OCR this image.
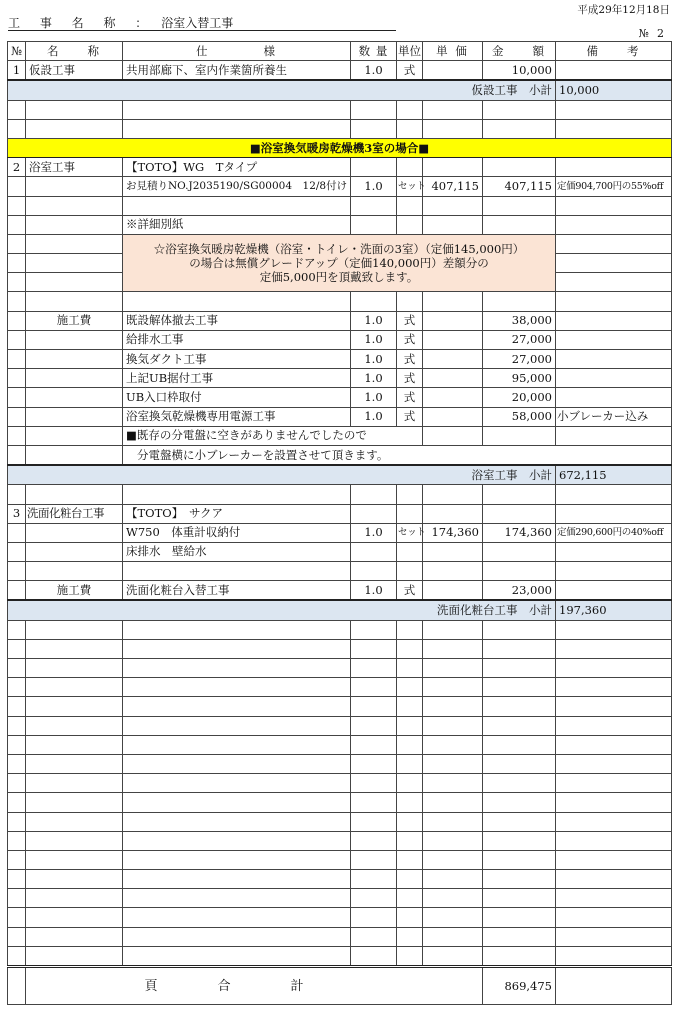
平成29年12月18日
№ 2
工 事 名 称 ： 浴室入替工事
№	名　　称	仕　　　　様	数 量	単位	単 価	金　　額	備　　考
1	仮設工事	共用部廊下、室内作業箇所養生	1.0	式		10,000	
仮設工事　小計							10,000

■浴室換気暖房乾燥機3室の場合■							
2	浴室工事	【TOTO】WG　Tタイプ					
		お見積りNO.J2035190/SG00004　12/8付け	1.0	セット	407,115	407,115	定価904,700円の55%off

		※詳細別紙					

		☆浴室換気暖房乾燥機（浴室・トイレ・洗面の3室）（定価145,000円）
の場合は無償グレードアップ（定価140,000円）差額分の
定価5,000円を頂戴致します。					

	施工費	既設解体撤去工事	1.0	式		38,000	
		給排水工事	1.0	式		27,000	
		換気ダクト工事	1.0	式		27,000	
		上記UB据付工事	1.0	式		95,000	
		UB入口枠取付	1.0	式		20,000	
		浴室換気乾燥機専用電源工事	1.0	式		58,000	小ブレーカー込み
		■既存の分電盤に空きがありませんでしたので					
		分電盤横に小ブレーカーを設置させて頂きます。					
浴室工事　小計							672,115

3	洗面化粧台工事	【TOTO】　サクア					
		W750　体重計収納付	1.0	セット	174,360	174,360	定価290,600円の40%off
		床排水　壁給水					

	施工費	洗面化粧台入替工事	1.0	式		23,000	
洗面化粧台工事　小計							197,360

	頁合計					869,475	
